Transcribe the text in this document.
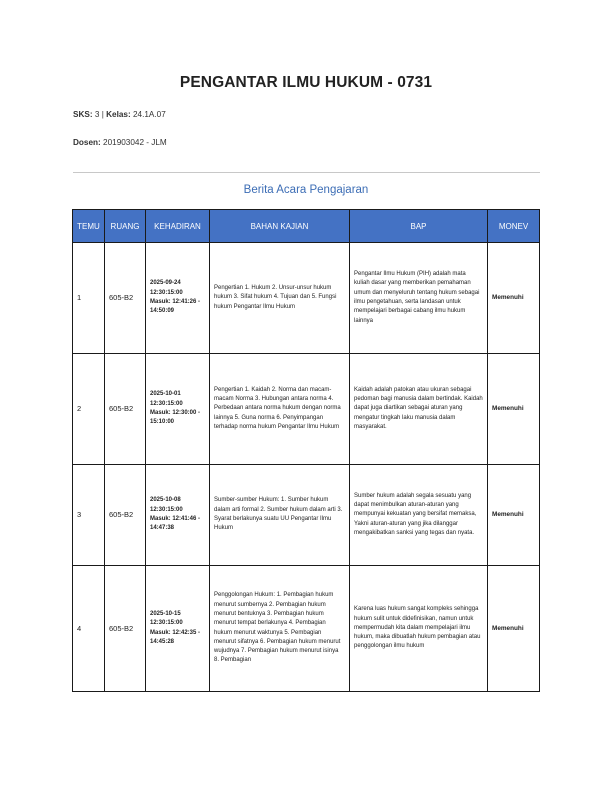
PENGANTAR ILMU HUKUM - 0731
SKS: 3 | Kelas: 24.1A.07
Dosen: 201903042 - JLM
Berita Acara Pengajaran
TEMU	RUANG	KEHADIRAN	BAHAN KAJIAN	BAP	MONEV
1	605-B2	2025-09-24 12:30:15:00 Masuk: 12:41:26 - 14:50:09	Pengertian 1. Hukum 2. Unsur-unsur hukum hukum 3. Sifat hukum 4. Tujuan dan 5. Fungsi hukum Pengantar Ilmu Hukum	Pengantar Ilmu Hukum (PIH) adalah mata kuliah dasar yang memberikan pemahaman umum dan menyeluruh tentang hukum sebagai ilmu pengetahuan, serta landasan untuk mempelajari berbagai cabang ilmu hukum lainnya	Memenuhi
2	605-B2	2025-10-01 12:30:15:00 Masuk: 12:30:00 - 15:10:00	Pengertian 1. Kaidah 2. Norma dan macam-macam Norma 3. Hubungan antara norma 4. Perbedaan antara norma hukum dengan norma lainnya 5. Guna norma 6. Penyimpangan terhadap norma hukum Pengantar Ilmu Hukum	Kaidah adalah patokan atau ukuran sebagai pedoman bagi manusia dalam bertindak. Kaidah dapat juga diartikan sebagai aturan yang mengatur tingkah laku manusia dalam masyarakat.	Memenuhi
3	605-B2	2025-10-08 12:30:15:00 Masuk: 12:41:46 - 14:47:38	Sumber-sumber Hukum: 1. Sumber hukum dalam arti formal 2. Sumber hukum dalam arti 3. Syarat berlakunya suatu UU Pengantar Ilmu Hukum	Sumber hukum adalah segala sesuatu yang dapat menimbulkan aturan-aturan yang mempunyai kekuatan yang bersifat memaksa, Yakni aturan-aturan yang jika dilanggar mengakibatkan sanksi yang tegas dan nyata.	Memenuhi
4	605-B2	2025-10-15 12:30:15:00 Masuk: 12:42:35 - 14:45:28	Penggolongan Hukum: 1. Pembagian hukum menurut sumbernya 2. Pembagian hukum menurut bentuknya 3. Pembagian hukum menurut tempat berlakunya 4. Pembagian hukum menurut waktunya 5. Pembagian menurut sifatnya 6. Pembagian hukum menurut wujudnya 7. Pembagian hukum menurut isinya 8. Pembagian	Karena luas hukum sangat kompleks sehingga hukum sulit untuk didefinisikan, namun untuk mempermudah kita dalam mempelajari ilmu hukum, maka dibuatlah hukum pembagian atau penggolongan ilmu hukum	Memenuhi
